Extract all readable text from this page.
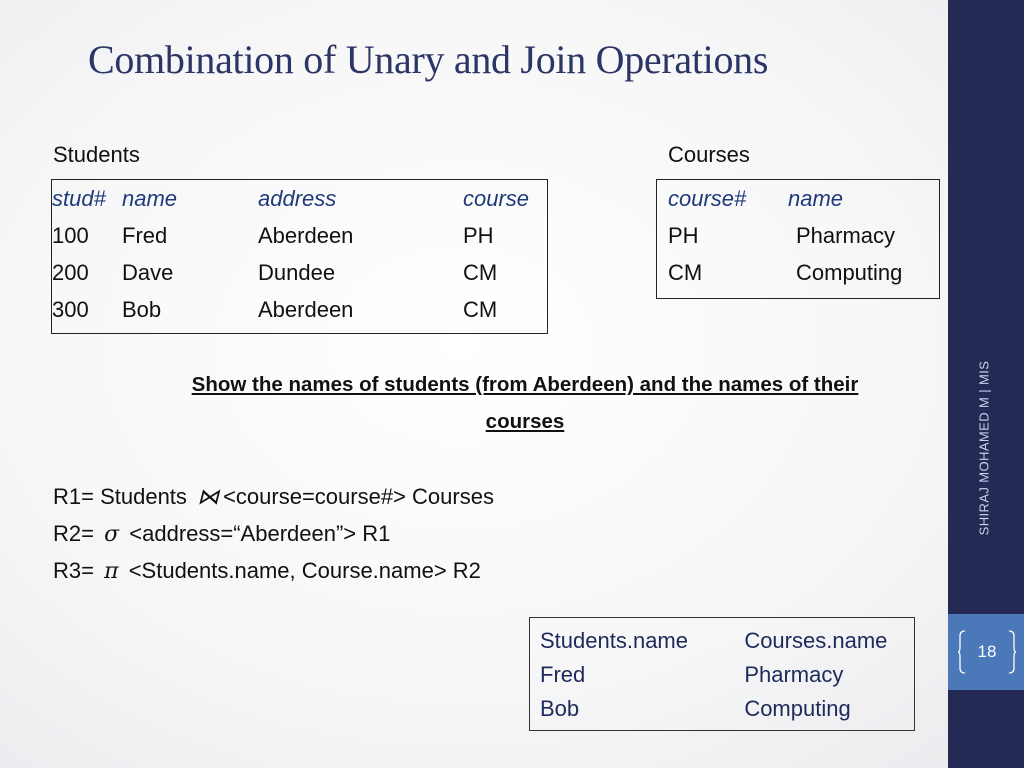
Combination of Unary and Join Operations
Students
stud#	name	address	course
100	Fred	Aberdeen	PH
200	Dave	Dundee	CM
300	Bob	Aberdeen	CM
Courses
course#	name
PH	Pharmacy
CM	Computing
Show the names of students (from Aberdeen) and the names of their courses
R1= Students ⋈ <course=course#> Courses
R2= σ <address=“Aberdeen”> R1
R3= π <Students.name, Course.name> R2
Students.name	Courses.name
Fred	Pharmacy
Bob	Computing
SHIRAJ MOHAMED M | MIS
18
